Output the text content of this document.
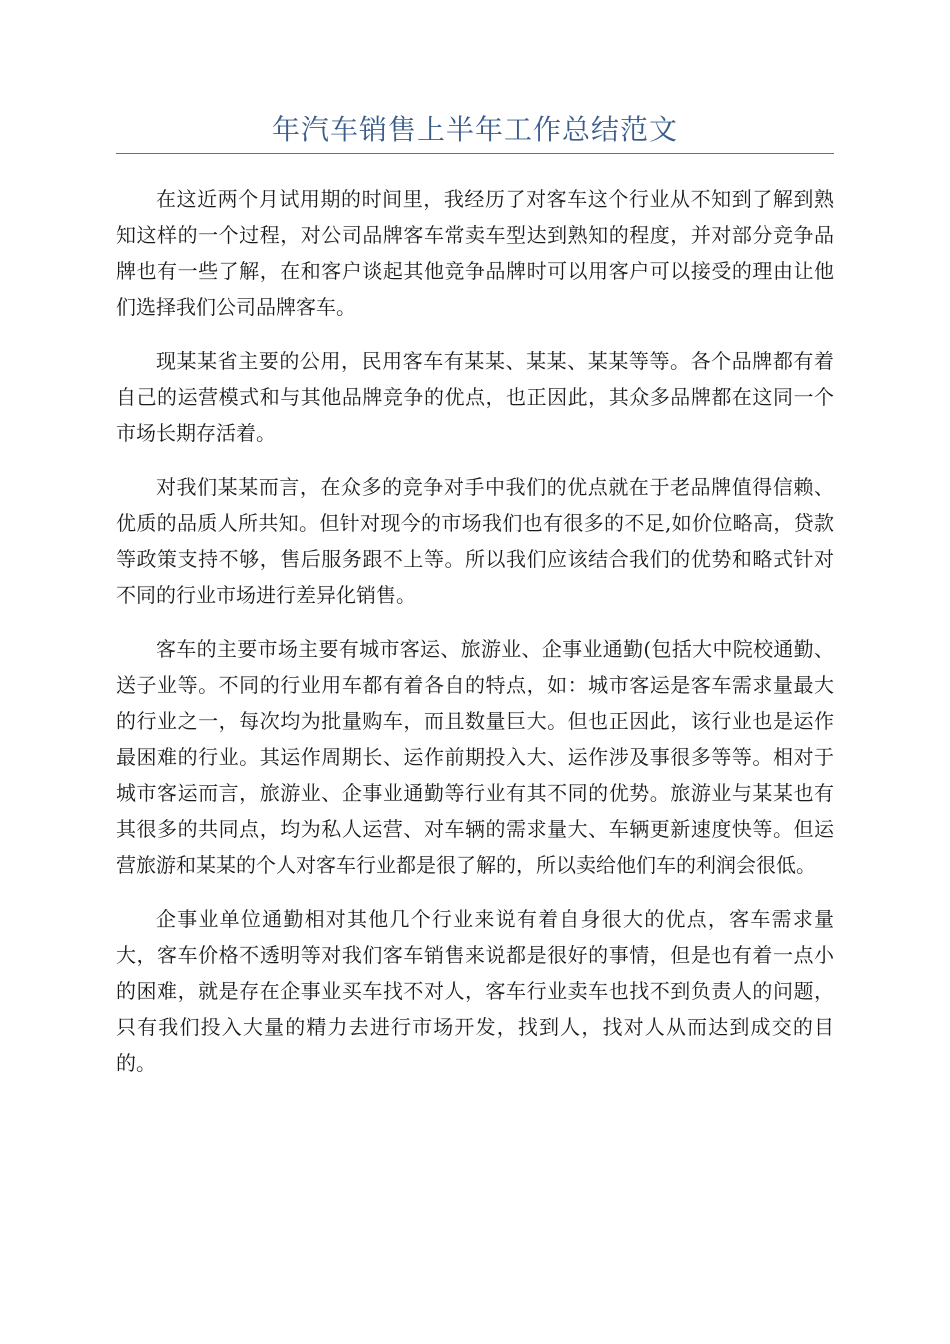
年汽车销售上半年工作总结范文

在这近两个月试用期的时间里，我经历了对客车这个行业从不知到了解到熟知这样的一个过程，对公司品牌客车常卖车型达到熟知的程度，并对部分竞争品牌也有一些了解，在和客户谈起其他竞争品牌时可以用客户可以接受的理由让他们选择我们公司品牌客车。

现某某省主要的公用，民用客车有某某、某某、某某等等。各个品牌都有着自己的运营模式和与其他品牌竞争的优点，也正因此，其众多品牌都在这同一个市场长期存活着。

对我们某某而言，在众多的竞争对手中我们的优点就在于老品牌值得信赖、优质的品质人所共知。但针对现今的市场我们也有很多的不足,如价位略高，贷款等政策支持不够，售后服务跟不上等。所以我们应该结合我们的优势和略式针对不同的行业市场进行差异化销售。

客车的主要市场主要有城市客运、旅游业、企事业通勤(包括大中院校通勤、送子业等。不同的行业用车都有着各自的特点，如：城市客运是客车需求量最大的行业之一，每次均为批量购车，而且数量巨大。但也正因此，该行业也是运作最困难的行业。其运作周期长、运作前期投入大、运作涉及事很多等等。相对于城市客运而言，旅游业、企事业通勤等行业有其不同的优势。旅游业与某某也有其很多的共同点，均为私人运营、对车辆的需求量大、车辆更新速度快等。但运营旅游和某某的个人对客车行业都是很了解的，所以卖给他们车的利润会很低。

企事业单位通勤相对其他几个行业来说有着自身很大的优点，客车需求量大，客车价格不透明等对我们客车销售来说都是很好的事情，但是也有着一点小的困难，就是存在企事业买车找不对人，客车行业卖车也找不到负责人的问题，只有我们投入大量的精力去进行市场开发，找到人，找对人从而达到成交的目的。
